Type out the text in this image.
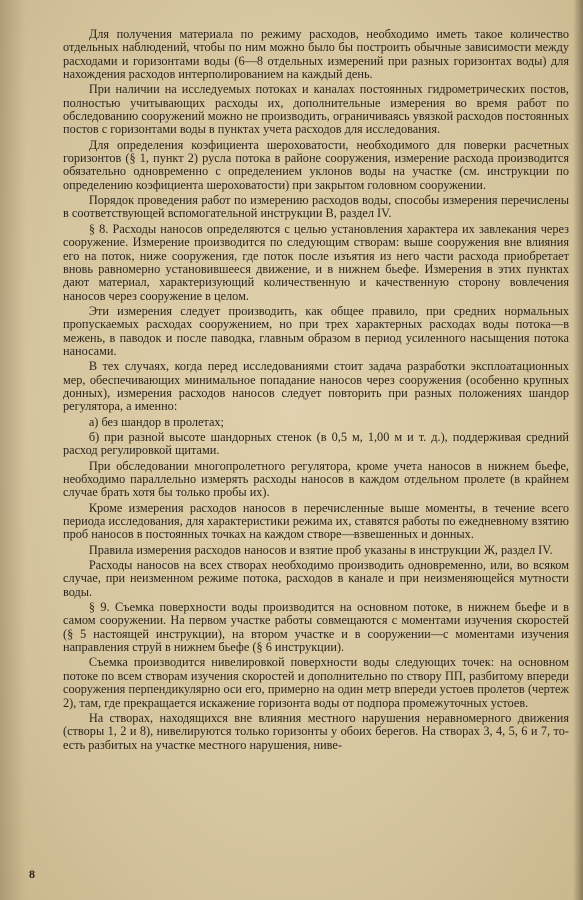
Для получения материала по режиму расходов, необходимо иметь такое количество отдельных наблюдений, чтобы по ним можно было бы построить обычные зависимости между расходами и горизонтами воды (6—8 отдельных измерений при разных горизонтах воды) для нахождения расходов интерполированием на каждый день.

При наличии на исследуемых потоках и каналах постоянных гидрометрических постов, полностью учитывающих расходы их, дополнительные измерения во время работ по обследованию сооружений можно не производить, ограничиваясь увязкой расходов постоянных постов с горизонтами воды в пунктах учета расходов для исследования.

Для определения коэфициента шероховатости, необходимого для поверки расчетных горизонтов (§ 1, пункт 2) русла потока в районе сооружения, измерение расхода производится обязательно одновременно с определением уклонов воды на участке (см. инструкции по определению коэфициента шероховатости) при закрытом головном сооружении.

Порядок проведения работ по измерению расходов воды, способы измерения перечислены в соответствующей вспомогательной инструкции В, раздел IV.

§ 8. Расходы наносов определяются с целью установления характера их завлекания через сооружение. Измерение производится по следующим створам: выше сооружения вне влияния его на поток, ниже сооружения, где поток после изъятия из него части расхода приобретает вновь равномерно установившееся движение, и в нижнем бьефе. Измерения в этих пунктах дают материал, характеризующий количественную и качественную сторону вовлечения наносов через сооружение в целом.

Эти измерения следует производить, как общее правило, при средних нормальных пропускаемых расходах сооружением, но при трех характерных расходах воды потока—в межень, в паводок и после паводка, главным образом в период усиленного насыщения потока наносами.

В тех случаях, когда перед исследованиями стоит задача разработки эксплоатационных мер, обеспечивающих минимальное попадание наносов через сооружения (особенно крупных донных), измерения расходов наносов следует повторить при разных положениях шандор регулятора, а именно:

а) без шандор в пролетах;

б) при разной высоте шандорных стенок (в 0,5 м, 1,00 м и т. д.), поддерживая средний расход регулировкой щитами.

При обследовании многопролетного регулятора, кроме учета наносов в нижнем бьефе, необходимо параллельно измерять расходы наносов в каждом отдельном пролете (в крайнем случае брать хотя бы только пробы их).

Кроме измерения расходов наносов в перечисленные выше моменты, в течение всего периода исследования, для характеристики режима их, ставятся работы по ежедневному взятию проб наносов в постоянных точках на каждом створе—взвешенных и донных.

Правила измерения расходов наносов и взятие проб указаны в инструкции Ж, раздел IV.

Расходы наносов на всех створах необходимо производить одновременно, или, во всяком случае, при неизменном режиме потока, расходов в канале и при неизменяющейся мутности воды.

§ 9. Съемка поверхности воды производится на основном потоке, в нижнем бьефе и в самом сооружении. На первом участке работы совмещаются с моментами изучения скоростей (§ 5 настоящей инструкции), на втором участке и в сооружении—с моментами изучения направления струй в нижнем бьефе (§ 6 инструкции).

Съемка производится нивелировкой поверхности воды следующих точек: на основном потоке по всем створам изучения скоростей и дополнительно по створу ПП, разбитому впереди сооружения перпендикулярно оси его, примерно на один метр впереди устоев пролетов (чертеж 2), там, где прекращается искажение горизонта воды от подпора промежуточных устоев.

На створах, находящихся вне влияния местного нарушения неравномерного движения (створы 1, 2 и 8), нивелируются только горизонты у обоих берегов. На створах 3, 4, 5, 6 и 7, то-есть разбитых на участке местного нарушения, ниве-

8
